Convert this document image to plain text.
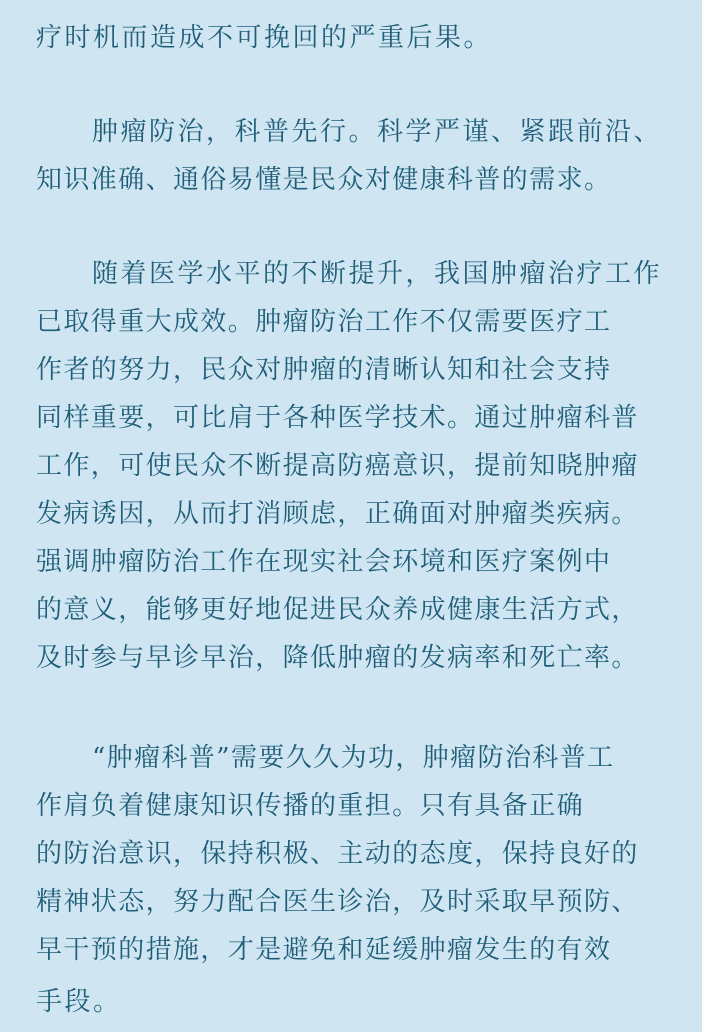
疗时机而造成不可挽回的严重后果。
肿瘤防治，科普先行。科学严谨、紧跟前沿、
知识准确、通俗易懂是民众对健康科普的需求。
随着医学水平的不断提升，我国肿瘤治疗工作
已取得重大成效。肿瘤防治工作不仅需要医疗工
作者的努力，民众对肿瘤的清晰认知和社会支持
同样重要，可比肩于各种医学技术。通过肿瘤科普
工作，可使民众不断提高防癌意识，提前知晓肿瘤
发病诱因，从而打消顾虑，正确面对肿瘤类疾病。
强调肿瘤防治工作在现实社会环境和医疗案例中
的意义，能够更好地促进民众养成健康生活方式，
及时参与早诊早治，降低肿瘤的发病率和死亡率。
“肿瘤科普”需要久久为功，肿瘤防治科普工
作肩负着健康知识传播的重担。只有具备正确
的防治意识，保持积极、主动的态度，保持良好的
精神状态，努力配合医生诊治，及时采取早预防、
早干预的措施，才是避免和延缓肿瘤发生的有效
手段。
